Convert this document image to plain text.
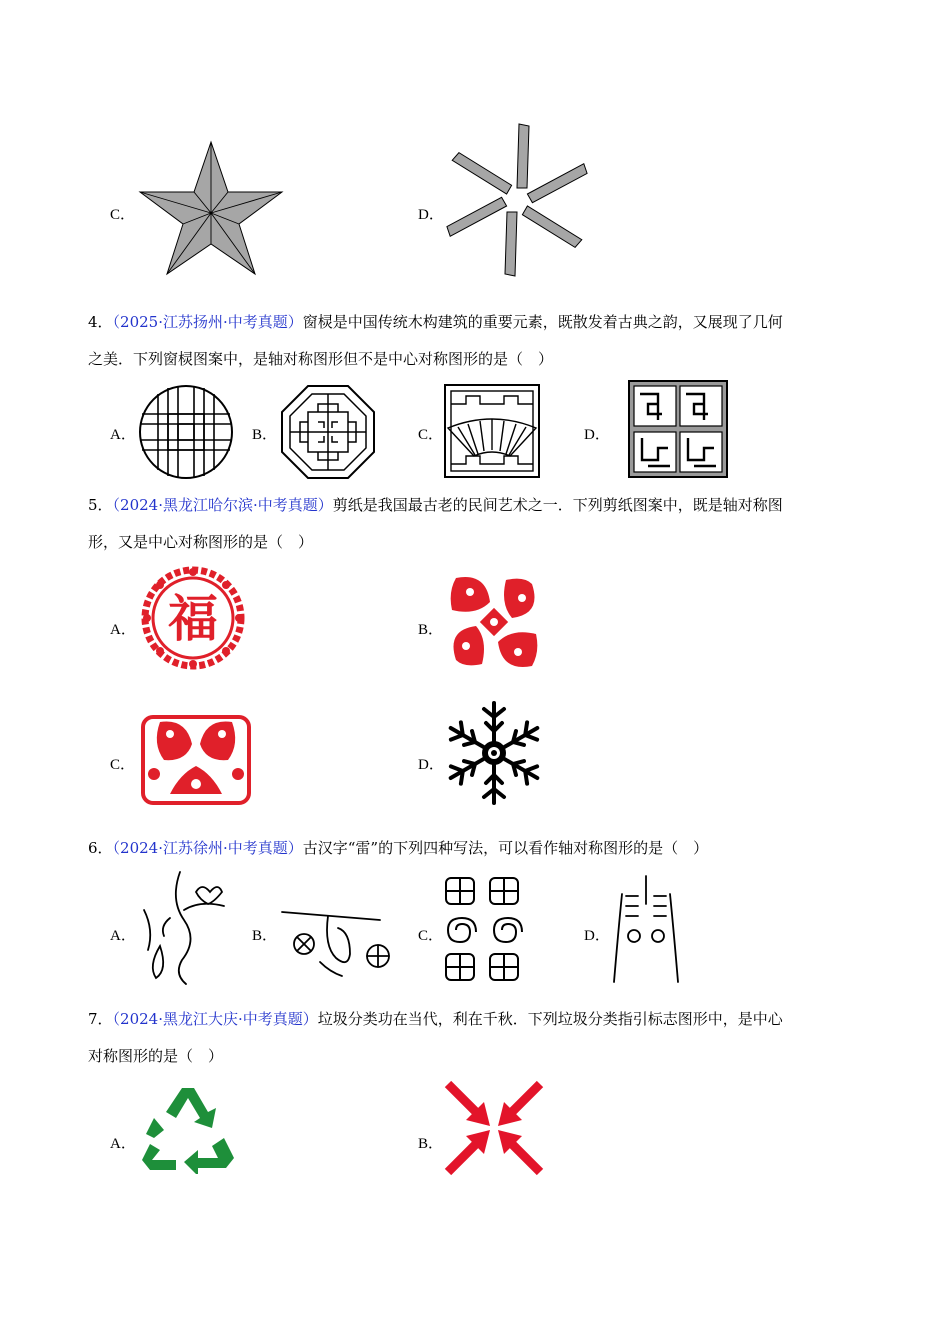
C．	D．
4．（2025·江苏扬州·中考真题）窗棂是中国传统木构建筑的重要元素，既散发着古典之韵，又展现了几何
之美．下列窗棂图案中，是轴对称图形但不是中心对称图形的是（　）
A．	B．	C．	D．
5．（2024·黑龙江哈尔滨·中考真题）剪纸是我国最古老的民间艺术之一．下列剪纸图案中，既是轴对称图
形，又是中心对称图形的是（　）
A． 福	B．
C．	D．
6．（2024·江苏徐州·中考真题）古汉字“雷”的下列四种写法，可以看作轴对称图形的是（　）
A．	B．	C．	D．
7．（2024·黑龙江大庆·中考真题）垃圾分类功在当代，利在千秋．下列垃圾分类指引标志图形中，是中心
对称图形的是（　）
A．	B．
